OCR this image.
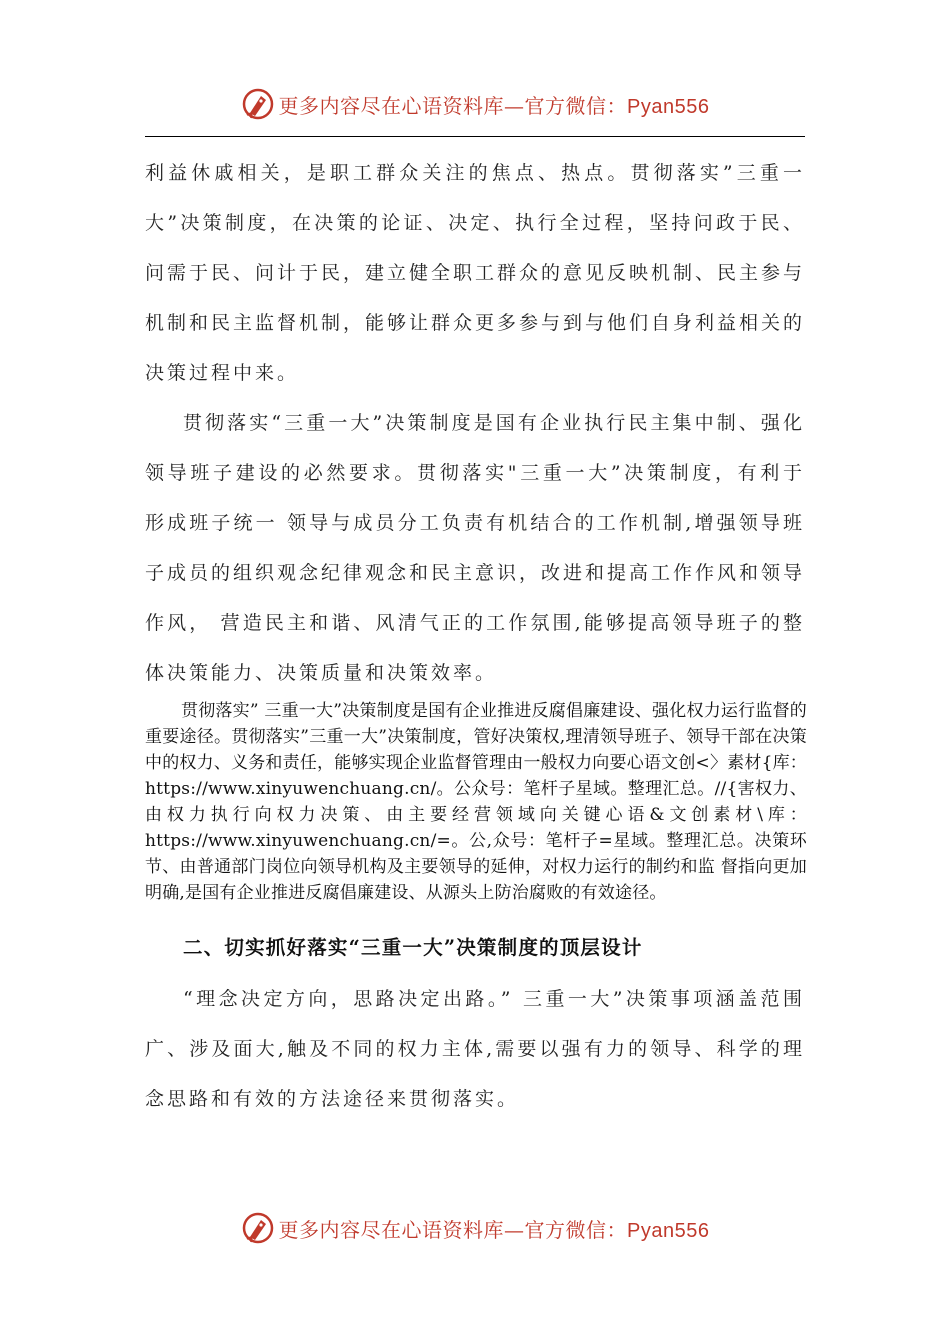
更多内容尽在心语资料库—官方微信：Pyan556

利益休戚相关，是职工群众关注的焦点、热点。贯彻落实”三重一大”决策制度，在决策的论证、决定、执行全过程，坚持问政于民、问需于民、问计于民，建立健全职工群众的意见反映机制、民主参与机制和民主监督机制，能够让群众更多参与到与他们自身利益相关的决策过程中来。

贯彻落实“三重一大”决策制度是国有企业执行民主集中制、强化领导班子建设的必然要求。贯彻落实"三重一大”决策制度，有利于形成班子统一 领导与成员分工负责有机结合的工作机制,增强领导班子成员的组织观念纪律观念和民主意识，改进和提高工作作风和领导作风， 营造民主和谐、风清气正的工作氛围,能够提高领导班子的整体决策能力、决策质量和决策效率。

贯彻落实” 三重一大”决策制度是国有企业推进反腐倡廉建设、强化权力运行监督的重要途径。贯彻落实”三重一大”决策制度，管好决策权,理清领导班子、领导干部在决策中的权力、义务和责任，能够实现企业监督管理由一般权力向要心语文创<〉素材{库：https://www.xinyuwenchuang.cn/。公众号：笔杆子星域。整理汇总。//{害权力、由权力执行向权力决策、由主要经营领域向关键心语&文创素材\库：https://www.xinyuwenchuang.cn/=。公,众号：笔杆子=星域。整理汇总。决策环节、由普通部门岗位向领导机构及主要领导的延伸，对权力运行的制约和监 督指向更加明确,是国有企业推进反腐倡廉建设、从源头上防治腐败的有效途径。

二、切实抓好落实“三重一大”决策制度的顶层设计

“理念决定方向，思路决定出路。” 三重一大”决策事项涵盖范围广、涉及面大,触及不同的权力主体,需要以强有力的领导、科学的理念思路和有效的方法途径来贯彻落实。

更多内容尽在心语资料库—官方微信：Pyan556
